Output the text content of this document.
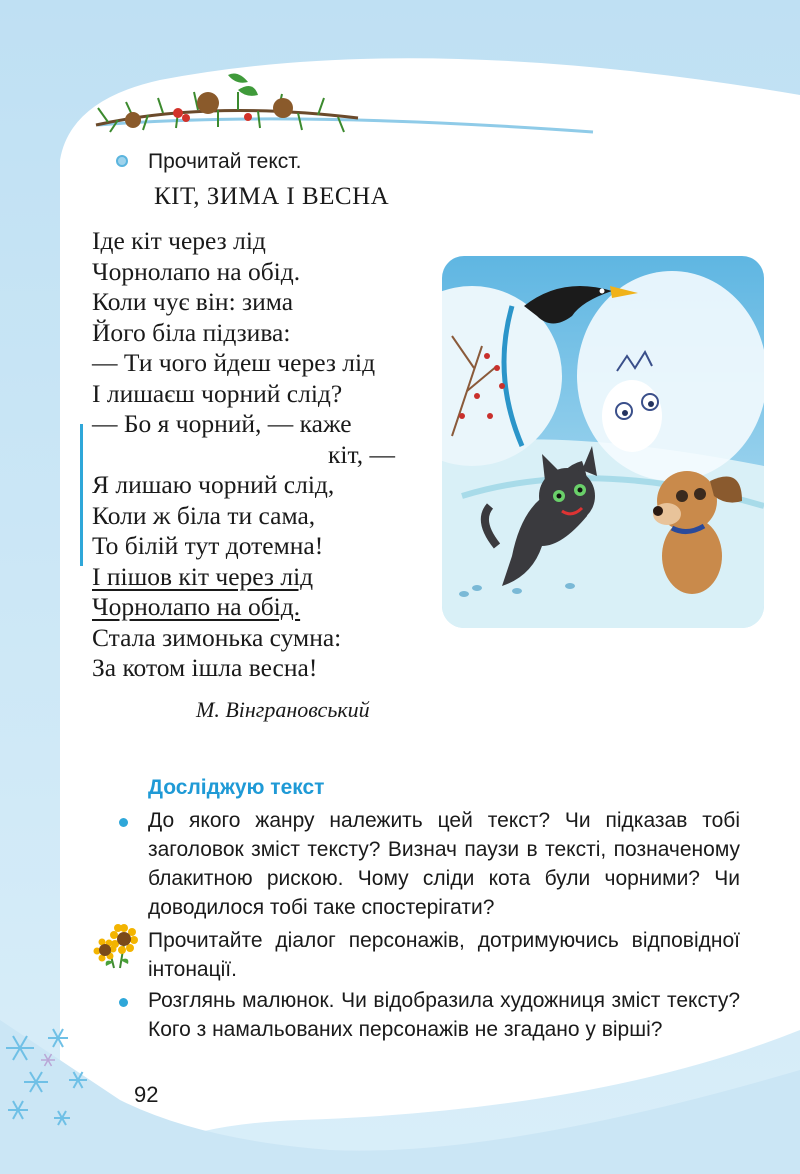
Прочитай текст.
КІТ, ЗИМА І ВЕСНА
Іде кіт через лід
Чорнолапо на обід.
Коли чує він: зима
Його біла підзива:
— Ти чого йдеш через лід
І лишаєш чорний слід?
— Бо я чорний, — каже
кіт, —
Я лишаю чорний слід,
Коли ж біла ти сама,
То білій тут дотемна!
І пішов кіт через лід
Чорнолапо на обід.
Стала зимонька сумна:
За котом ішла весна!
М. Вінграновський
Досліджую текст
До якого жанру належить цей текст? Чи підказав тобі заголовок зміст тексту? Визнач паузи в тексті, позначеному блакитною рискою. Чому сліди кота були чорними? Чи доводилося тобі таке спостерігати?
Прочитайте діалог персонажів, дотримуючись відповідної інтонації.
Розглянь малюнок. Чи відобразила художниця зміст тексту? Кого з намальованих персонажів не згадано у вірші?
92
